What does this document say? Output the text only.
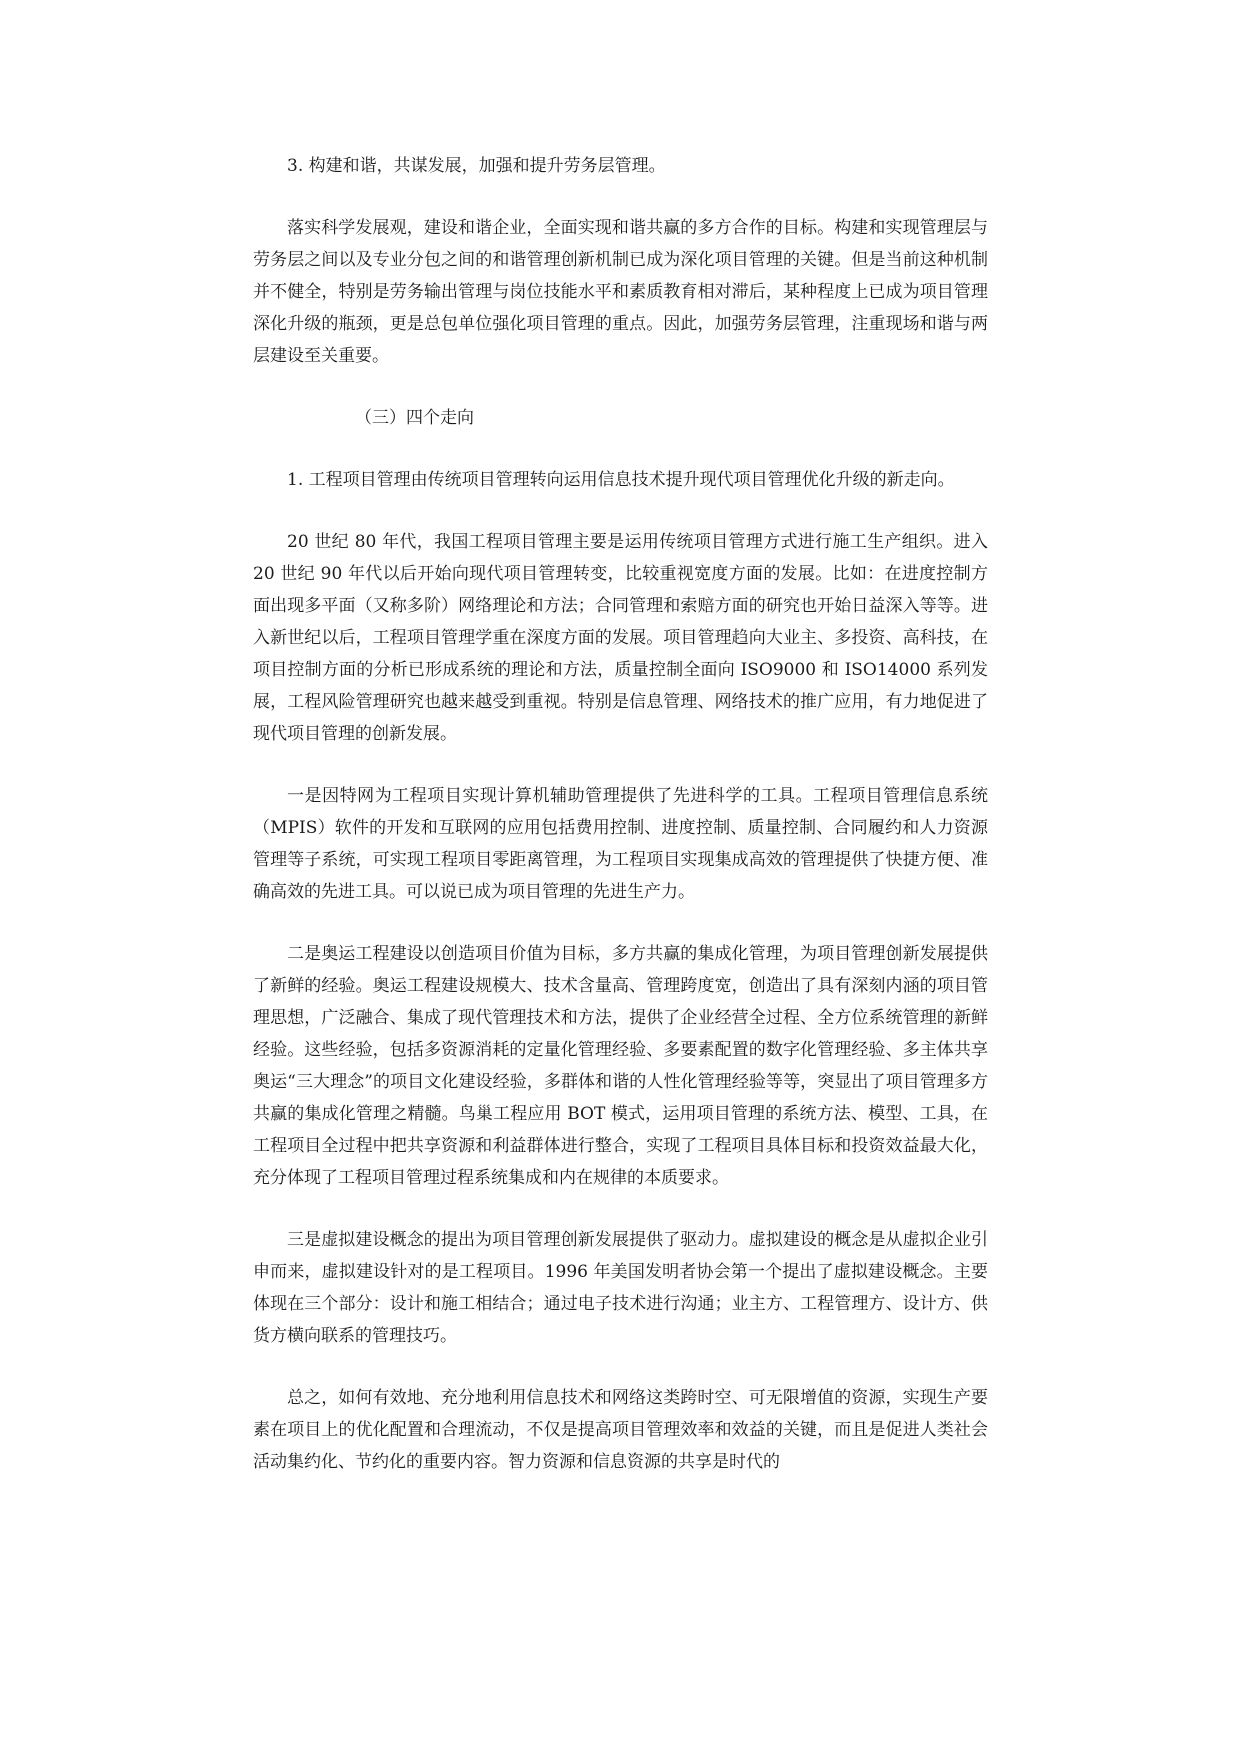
3. 构建和谐，共谋发展，加强和提升劳务层管理。

落实科学发展观，建设和谐企业，全面实现和谐共赢的多方合作的目标。构建和实现管理层与劳务层之间以及专业分包之间的和谐管理创新机制已成为深化项目管理的关键。但是当前这种机制并不健全，特别是劳务输出管理与岗位技能水平和素质教育相对滞后，某种程度上已成为项目管理深化升级的瓶颈，更是总包单位强化项目管理的重点。因此，加强劳务层管理，注重现场和谐与两层建设至关重要。

（三）四个走向

1. 工程项目管理由传统项目管理转向运用信息技术提升现代项目管理优化升级的新走向。

20 世纪 80 年代，我国工程项目管理主要是运用传统项目管理方式进行施工生产组织。进入 20 世纪 90 年代以后开始向现代项目管理转变，比较重视宽度方面的发展。比如：在进度控制方面出现多平面（又称多阶）网络理论和方法；合同管理和索赔方面的研究也开始日益深入等等。进入新世纪以后，工程项目管理学重在深度方面的发展。项目管理趋向大业主、多投资、高科技，在项目控制方面的分析已形成系统的理论和方法，质量控制全面向 ISO9000 和 ISO14000 系列发展，工程风险管理研究也越来越受到重视。特别是信息管理、网络技术的推广应用，有力地促进了现代项目管理的创新发展。

一是因特网为工程项目实现计算机辅助管理提供了先进科学的工具。工程项目管理信息系统（MPIS）软件的开发和互联网的应用包括费用控制、进度控制、质量控制、合同履约和人力资源管理等子系统，可实现工程项目零距离管理，为工程项目实现集成高效的管理提供了快捷方便、准确高效的先进工具。可以说已成为项目管理的先进生产力。

二是奥运工程建设以创造项目价值为目标，多方共赢的集成化管理，为项目管理创新发展提供了新鲜的经验。奥运工程建设规模大、技术含量高、管理跨度宽，创造出了具有深刻内涵的项目管理思想，广泛融合、集成了现代管理技术和方法，提供了企业经营全过程、全方位系统管理的新鲜经验。这些经验，包括多资源消耗的定量化管理经验、多要素配置的数字化管理经验、多主体共享奥运“三大理念”的项目文化建设经验，多群体和谐的人性化管理经验等等，突显出了项目管理多方共赢的集成化管理之精髓。鸟巢工程应用 BOT 模式，运用项目管理的系统方法、模型、工具，在工程项目全过程中把共享资源和利益群体进行整合，实现了工程项目具体目标和投资效益最大化，充分体现了工程项目管理过程系统集成和内在规律的本质要求。

三是虚拟建设概念的提出为项目管理创新发展提供了驱动力。虚拟建设的概念是从虚拟企业引申而来，虚拟建设针对的是工程项目。1996 年美国发明者协会第一个提出了虚拟建设概念。主要体现在三个部分：设计和施工相结合；通过电子技术进行沟通；业主方、工程管理方、设计方、供货方横向联系的管理技巧。

总之，如何有效地、充分地利用信息技术和网络这类跨时空、可无限增值的资源，实现生产要素在项目上的优化配置和合理流动，不仅是提高项目管理效率和效益的关键，而且是促进人类社会活动集约化、节约化的重要内容。智力资源和信息资源的共享是时代的
